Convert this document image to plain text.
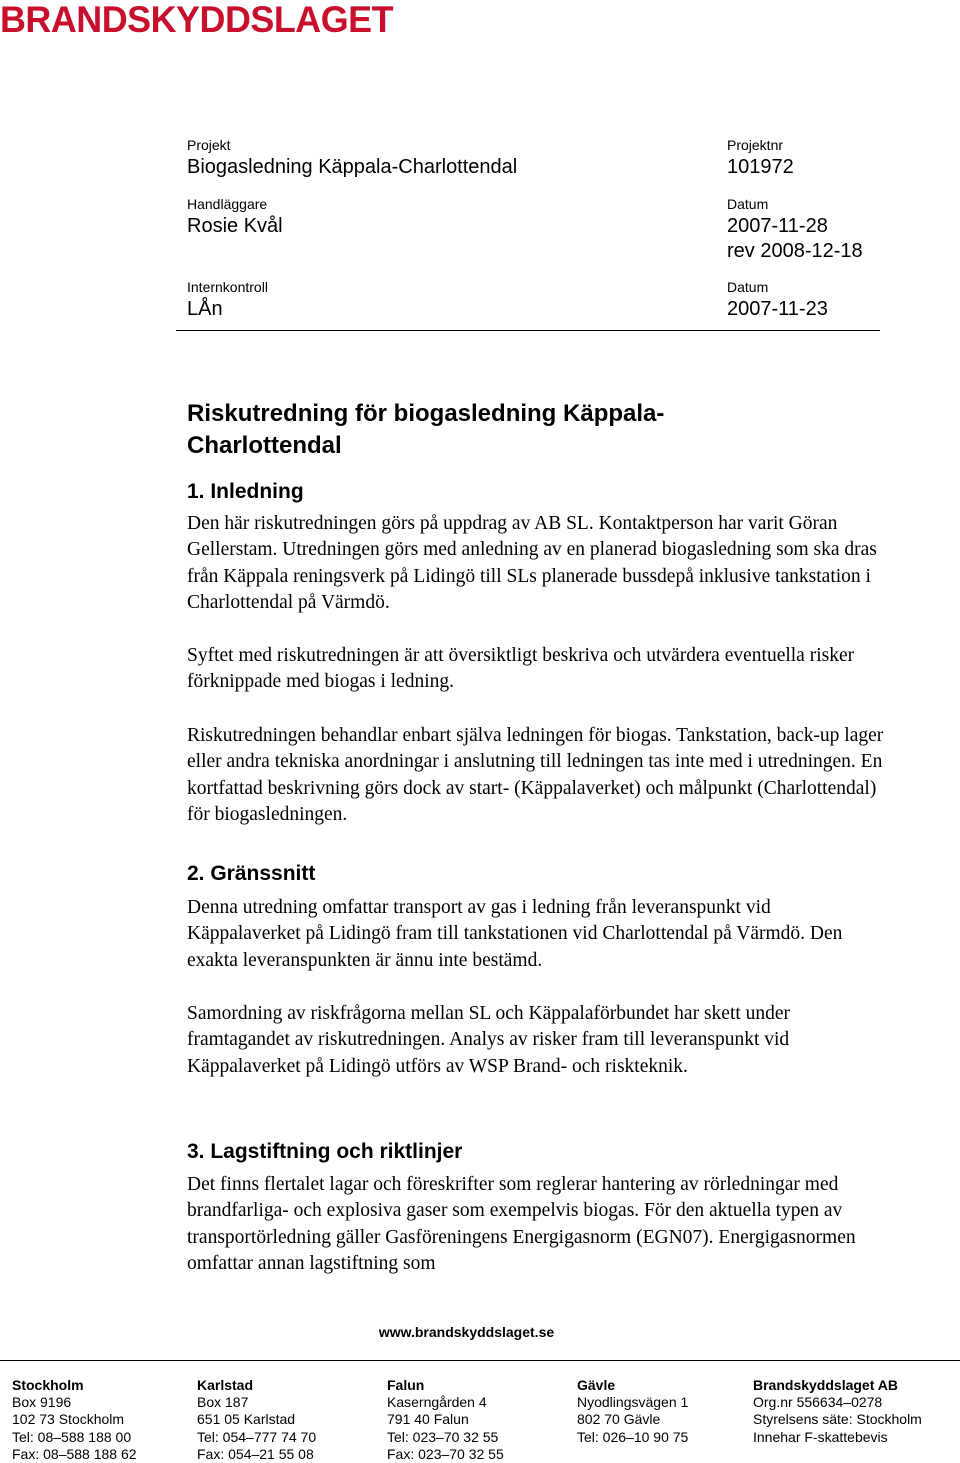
BRANDSKYDDSLAGET
Projekt
Biogasledning Käppala-Charlottendal
Projektnr
101972
Handläggare
Rosie Kvål
Datum
2007-11-28
rev 2008-12-18
Internkontroll
LÅn
Datum
2007-11-23
Riskutredning för biogasledning Käppala-Charlottendal
1. Inledning

Den här riskutredningen görs på uppdrag av AB SL. Kontaktperson har varit Göran Gellerstam. Utredningen görs med anledning av en planerad biogasledning som ska dras från Käppala reningsverk på Lidingö till SLs planerade bussdepå inklusive tankstation i Charlottendal på Värmdö.

Syftet med riskutredningen är att översiktligt beskriva och utvärdera eventuella risker förknippade med biogas i ledning.

Riskutredningen behandlar enbart själva ledningen för biogas. Tankstation, back-up lager eller andra tekniska anordningar i anslutning till ledningen tas inte med i utredningen. En kortfattad beskrivning görs dock av start- (Käppalaverket) och målpunkt (Charlottendal) för biogasledningen.

2. Gränssnitt

Denna utredning omfattar transport av gas i ledning från leveranspunkt vid Käppalaverket på Lidingö fram till tankstationen vid Charlottendal på Värmdö. Den exakta leveranspunkten är ännu inte bestämd.

Samordning av riskfrågorna mellan SL och Käppalaförbundet har skett under framtagandet av riskutredningen. Analys av risker fram till leveranspunkt vid Käppalaverket på Lidingö utförs av WSP Brand- och riskteknik.

3. Lagstiftning och riktlinjer

Det finns flertalet lagar och föreskrifter som reglerar hantering av rörledningar med brandfarliga- och explosiva gaser som exempelvis biogas. För den aktuella typen av transportörledning gäller Gasföreningens Energigasnorm (EGN07). Energigasnormen omfattar annan lagstiftning som

www.brandskyddslaget.se
Stockholm
Box 9196
102 73 Stockholm
Tel: 08–588 188 00
Fax: 08–588 188 62
Karlstad
Box 187
651 05 Karlstad
Tel: 054–777 74 70
Fax: 054–21 55 08
Falun
Kaserngården 4
791 40 Falun
Tel: 023–70 32 55
Fax: 023–70 32 55
Gävle
Nyodlingsvägen 1
802 70 Gävle
Tel: 026–10 90 75
Brandskyddslaget AB
Org.nr 556634–0278
Styrelsens säte: Stockholm
Innehar F-skattebevis
